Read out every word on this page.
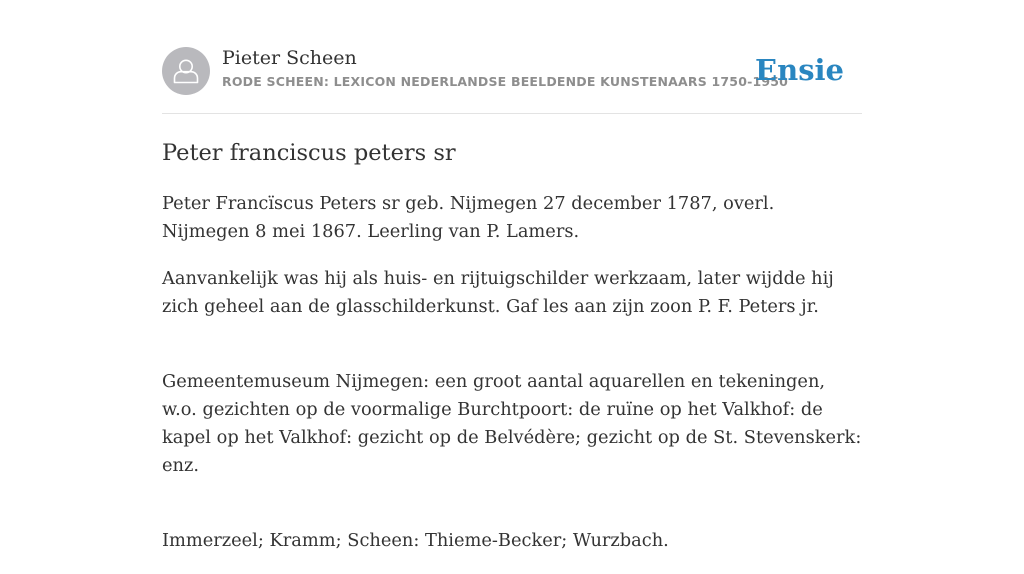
Pieter Scheen
RODE SCHEEN: LEXICON NEDERLANDSE BEELDENDE KUNSTENAARS 1750-1950
Ensie
Peter franciscus peters sr

Peter Francïscus Peters sr geb. Nijmegen 27 december 1787, overl. Nijmegen 8 mei 1867. Leerling van P. Lamers.

Aanvankelijk was hij als huis- en rijtuigschilder werkzaam, later wijdde hij zich geheel aan de glasschilderkunst. Gaf les aan zijn zoon P. F. Peters jr.

Gemeentemuseum Nijmegen: een groot aantal aquarellen en tekeningen, w.o. gezichten op de voormalige Burchtpoort: de ruïne op het Valkhof: de kapel op het Valkhof: gezicht op de Belvédère; gezicht op de St. Stevenskerk: enz.

Immerzeel; Kramm; Scheen: Thieme-Becker; Wurzbach.
